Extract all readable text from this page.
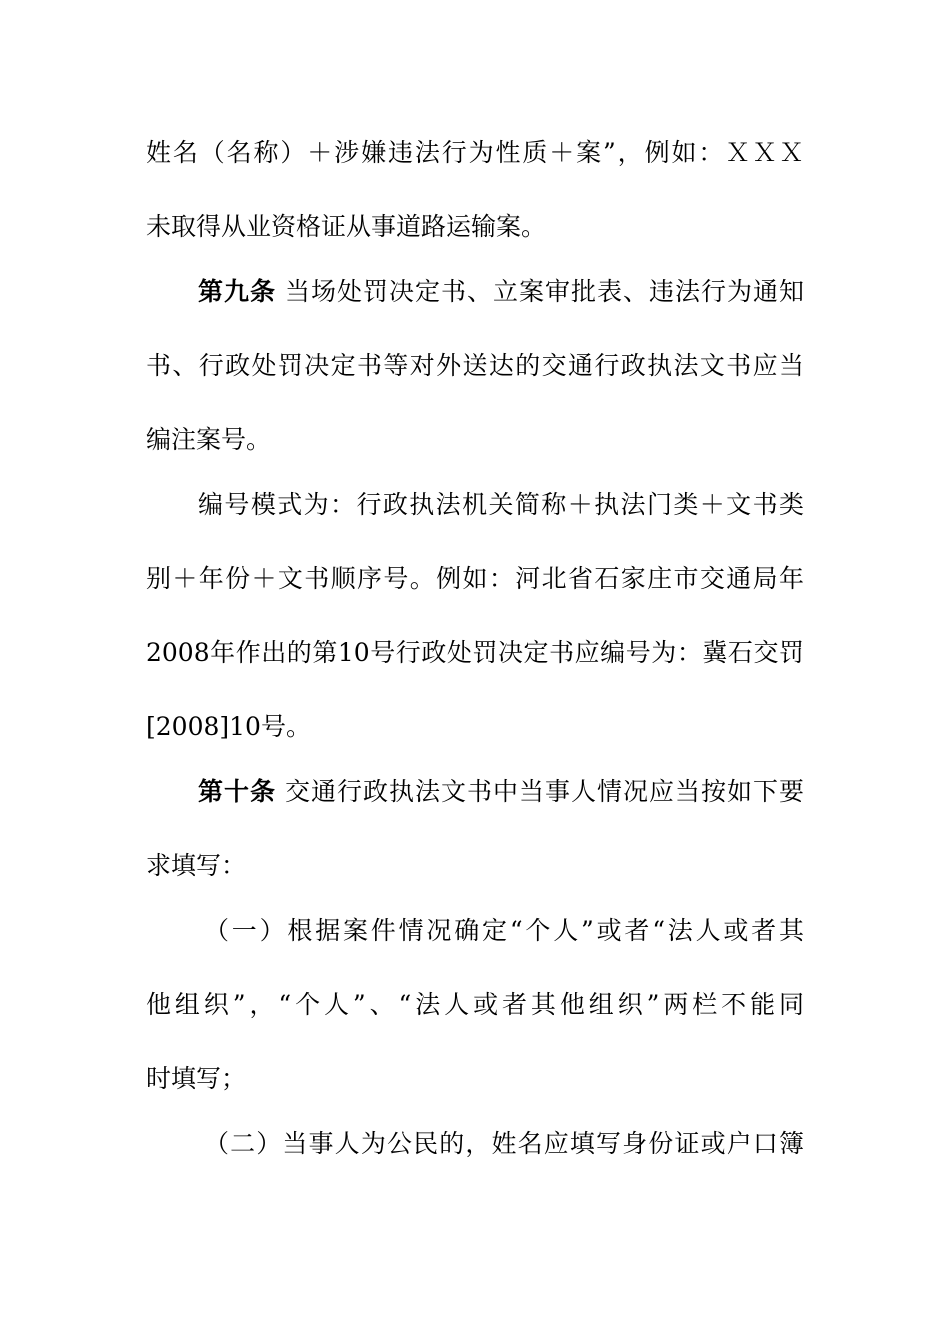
姓名（名称）＋涉嫌违法行为性质＋案”，例如：ＸＸＸ
未取得从业资格证从事道路运输案。
第九条 当场处罚决定书、立案审批表、违法行为通知
书、行政处罚决定书等对外送达的交通行政执法文书应当
编注案号。
编号模式为：行政执法机关简称＋执法门类＋文书类
别＋年份＋文书顺序号。例如：河北省石家庄市交通局年
2008年作出的第10号行政处罚决定书应编号为：冀石交罚
[2008]10号。
第十条 交通行政执法文书中当事人情况应当按如下要
求填写：
（一）根据案件情况确定“个人”或者“法人或者其
他组织”，“个人”、“法人或者其他组织”两栏不能同
时填写；
（二）当事人为公民的，姓名应填写身份证或户口簿
